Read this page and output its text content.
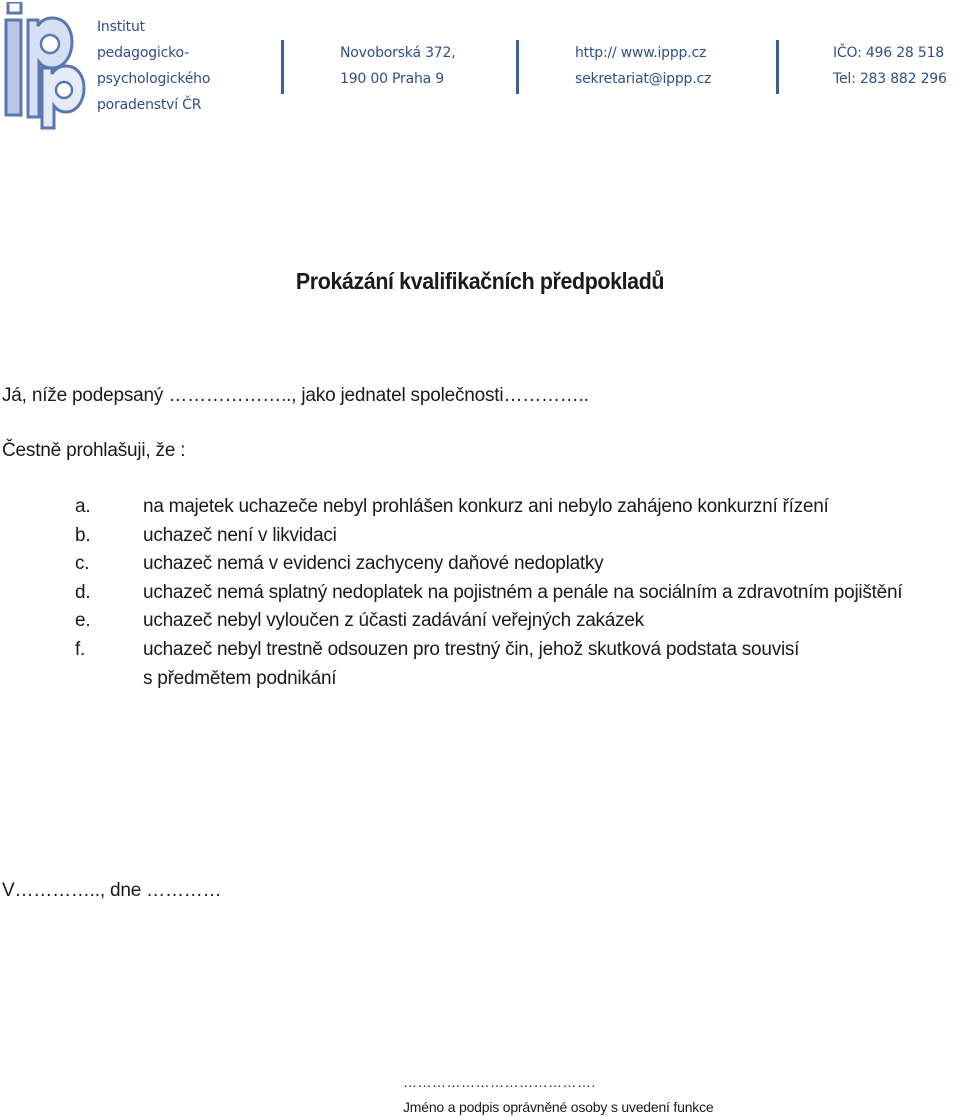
Institut
pedagogicko-
psychologického
poradenství ČR
Novoborská 372,
190 00 Praha 9
http:// www.ippp.cz
sekretariat@ippp.cz
IČO: 496 28 518
Tel: 283 882 296
Prokázání kvalifikačních předpokladů
Já, níže podepsaný ……………….., jako jednatel společnosti…………..
Čestně prohlašuji, že :
a.	na majetek uchazeče nebyl prohlášen konkurz ani nebylo zahájeno konkurzní řízení
b.	uchazeč není v likvidaci
c.	uchazeč nemá v evidenci zachyceny daňové nedoplatky
d.	uchazeč nemá splatný nedoplatek na pojistném a penále na sociálním a zdravotním pojištění
e.	uchazeč nebyl vyloučen z účasti zadávání veřejných zakázek
f.	uchazeč nebyl trestně odsouzen pro trestný čin, jehož skutková podstata souvisí
s předmětem podnikání
V………….., dne …………
………………………………….
Jméno a podpis oprávněné osoby s uvedení funkce
